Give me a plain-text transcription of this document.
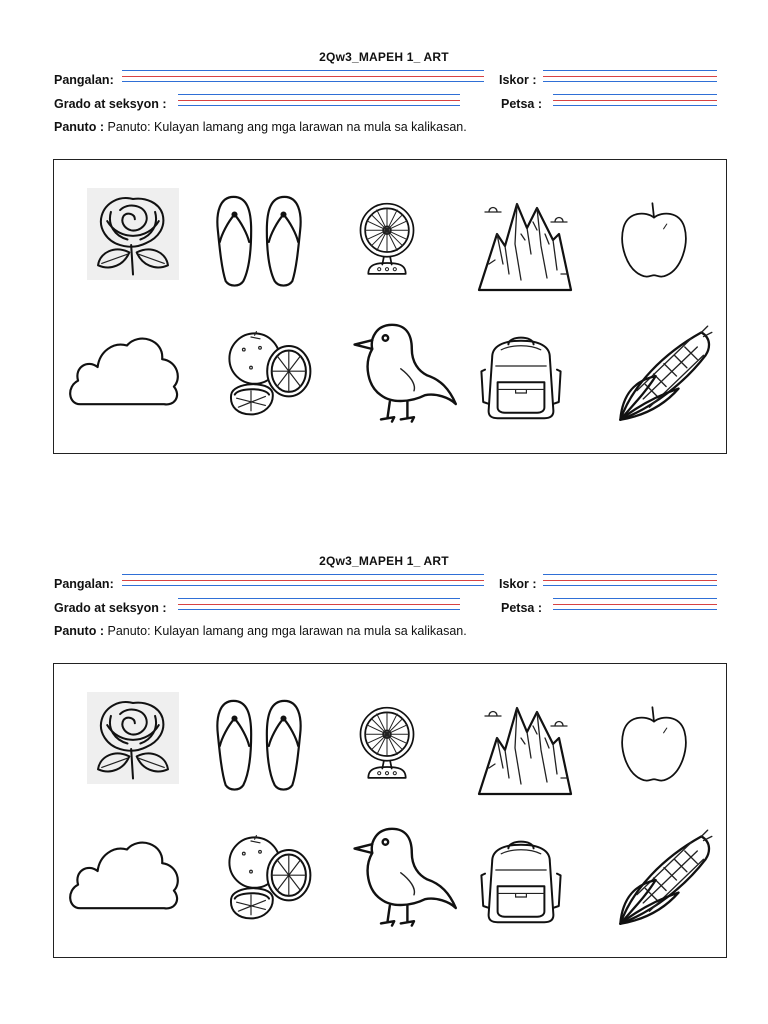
2Qw3_MAPEH 1_ ART
Pangalan:	Iskor :
Grado at seksyon :	Petsa :
Panuto : Panuto: Kulayan lamang ang mga larawan na mula sa kalikasan.
2Qw3_MAPEH 1_ ART
Pangalan:	Iskor :
Grado at seksyon :	Petsa :
Panuto : Panuto: Kulayan lamang ang mga larawan na mula sa kalikasan.
